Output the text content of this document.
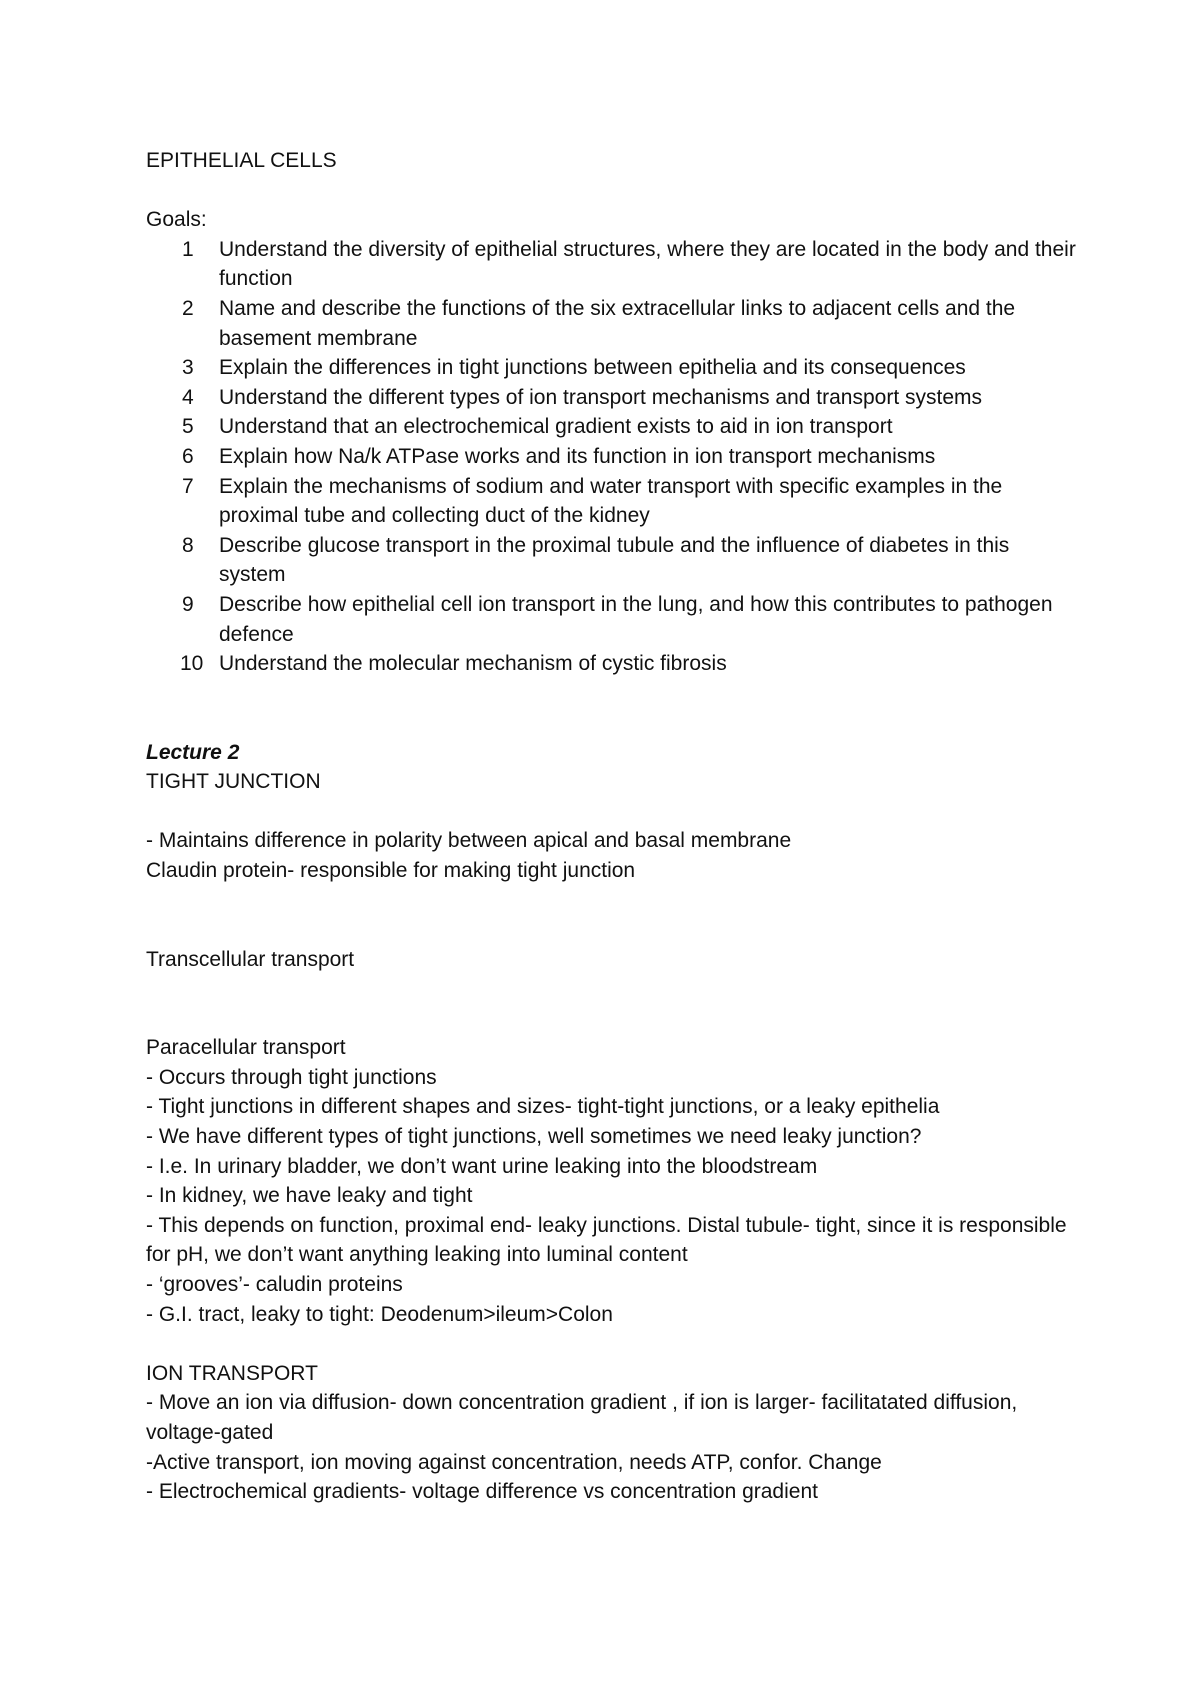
EPITHELIAL CELLS
Goals:
1	Understand the diversity of epithelial structures, where they are located in the body and their function
2	Name and describe the functions of the six extracellular links to adjacent cells and the basement membrane
3	Explain the differences in tight junctions between epithelia and its consequences
4	Understand the different types of ion transport mechanisms and transport systems
5	Understand that an electrochemical gradient exists to aid in ion transport
6	Explain how Na/k ATPase works and its function in ion transport mechanisms
7	Explain the mechanisms of sodium and water transport with specific examples in the proximal tube and collecting duct of the kidney
8	Describe glucose transport in the proximal tubule and the influence of diabetes in this system
9	Describe how epithelial cell ion transport in the lung, and how this contributes to pathogen defence
10 Understand the molecular mechanism of cystic fibrosis
Lecture 2
TIGHT JUNCTION
- Maintains difference in polarity between apical and basal membrane
Claudin protein- responsible for making tight junction
Transcellular transport
Paracellular transport
- Occurs through tight junctions
- Tight junctions in different shapes and sizes- tight-tight junctions, or a leaky epithelia
- We have different types of tight junctions, well sometimes we need leaky junction?
- I.e. In urinary bladder, we don’t want urine leaking into the bloodstream
- In kidney, we have leaky and tight
- This depends on function, proximal end- leaky junctions. Distal tubule- tight, since it is responsible for pH, we don’t want anything leaking into luminal content
- ‘grooves’- caludin proteins
- G.I. tract, leaky to tight: Deodenum>ileum>Colon
ION TRANSPORT
- Move an ion via diffusion- down concentration gradient , if ion is larger- facilitatated diffusion, voltage-gated
-Active transport, ion moving against concentration, needs ATP, confor. Change
- Electrochemical gradients- voltage difference vs concentration gradient
